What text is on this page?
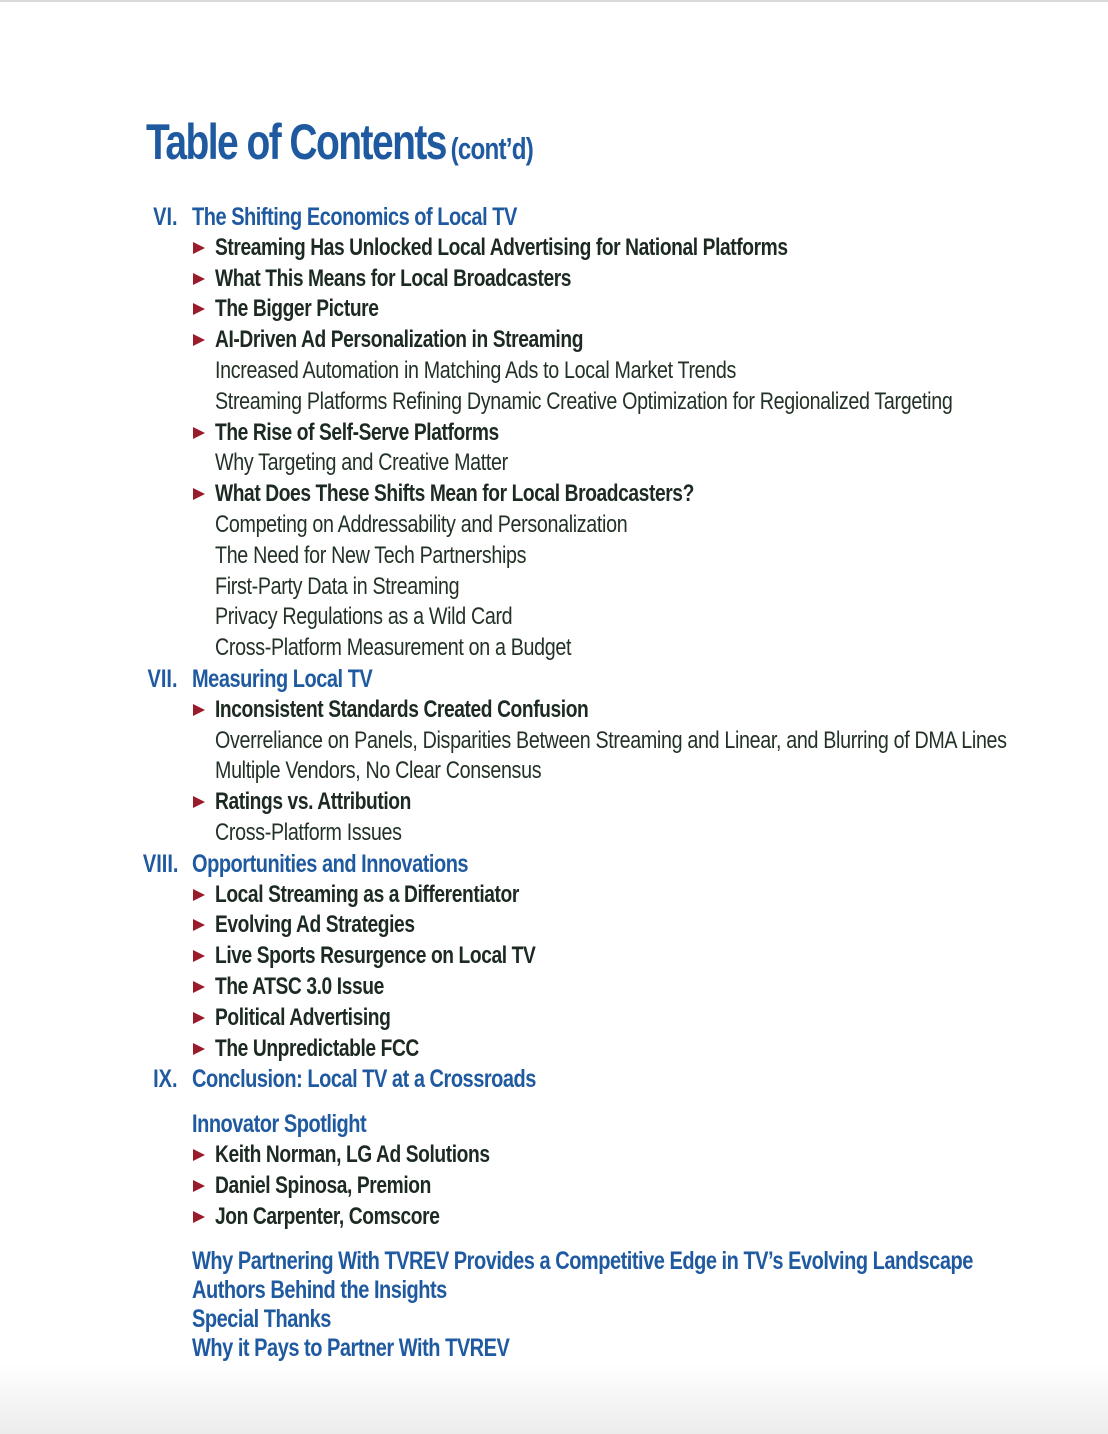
Table of Contents (cont’d)
VI. The Shifting Economics of Local TV
Streaming Has Unlocked Local Advertising for National Platforms
What This Means for Local Broadcasters
The Bigger Picture
AI-Driven Ad Personalization in Streaming
Increased Automation in Matching Ads to Local Market Trends
Streaming Platforms Refining Dynamic Creative Optimization for Regionalized Targeting
The Rise of Self-Serve Platforms
Why Targeting and Creative Matter
What Does These Shifts Mean for Local Broadcasters?
Competing on Addressability and Personalization
The Need for New Tech Partnerships
First-Party Data in Streaming
Privacy Regulations as a Wild Card
Cross-Platform Measurement on a Budget
VII. Measuring Local TV
Inconsistent Standards Created Confusion
Overreliance on Panels, Disparities Between Streaming and Linear, and Blurring of DMA Lines
Multiple Vendors, No Clear Consensus
Ratings vs. Attribution
Cross-Platform Issues
VIII. Opportunities and Innovations
Local Streaming as a Differentiator
Evolving Ad Strategies
Live Sports Resurgence on Local TV
The ATSC 3.0 Issue
Political Advertising
The Unpredictable FCC
IX. Conclusion: Local TV at a Crossroads
Innovator Spotlight
Keith Norman, LG Ad Solutions
Daniel Spinosa, Premion
Jon Carpenter, Comscore
Why Partnering With TVREV Provides a Competitive Edge in TV’s Evolving Landscape
Authors Behind the Insights
Special Thanks
Why it Pays to Partner With TVREV
